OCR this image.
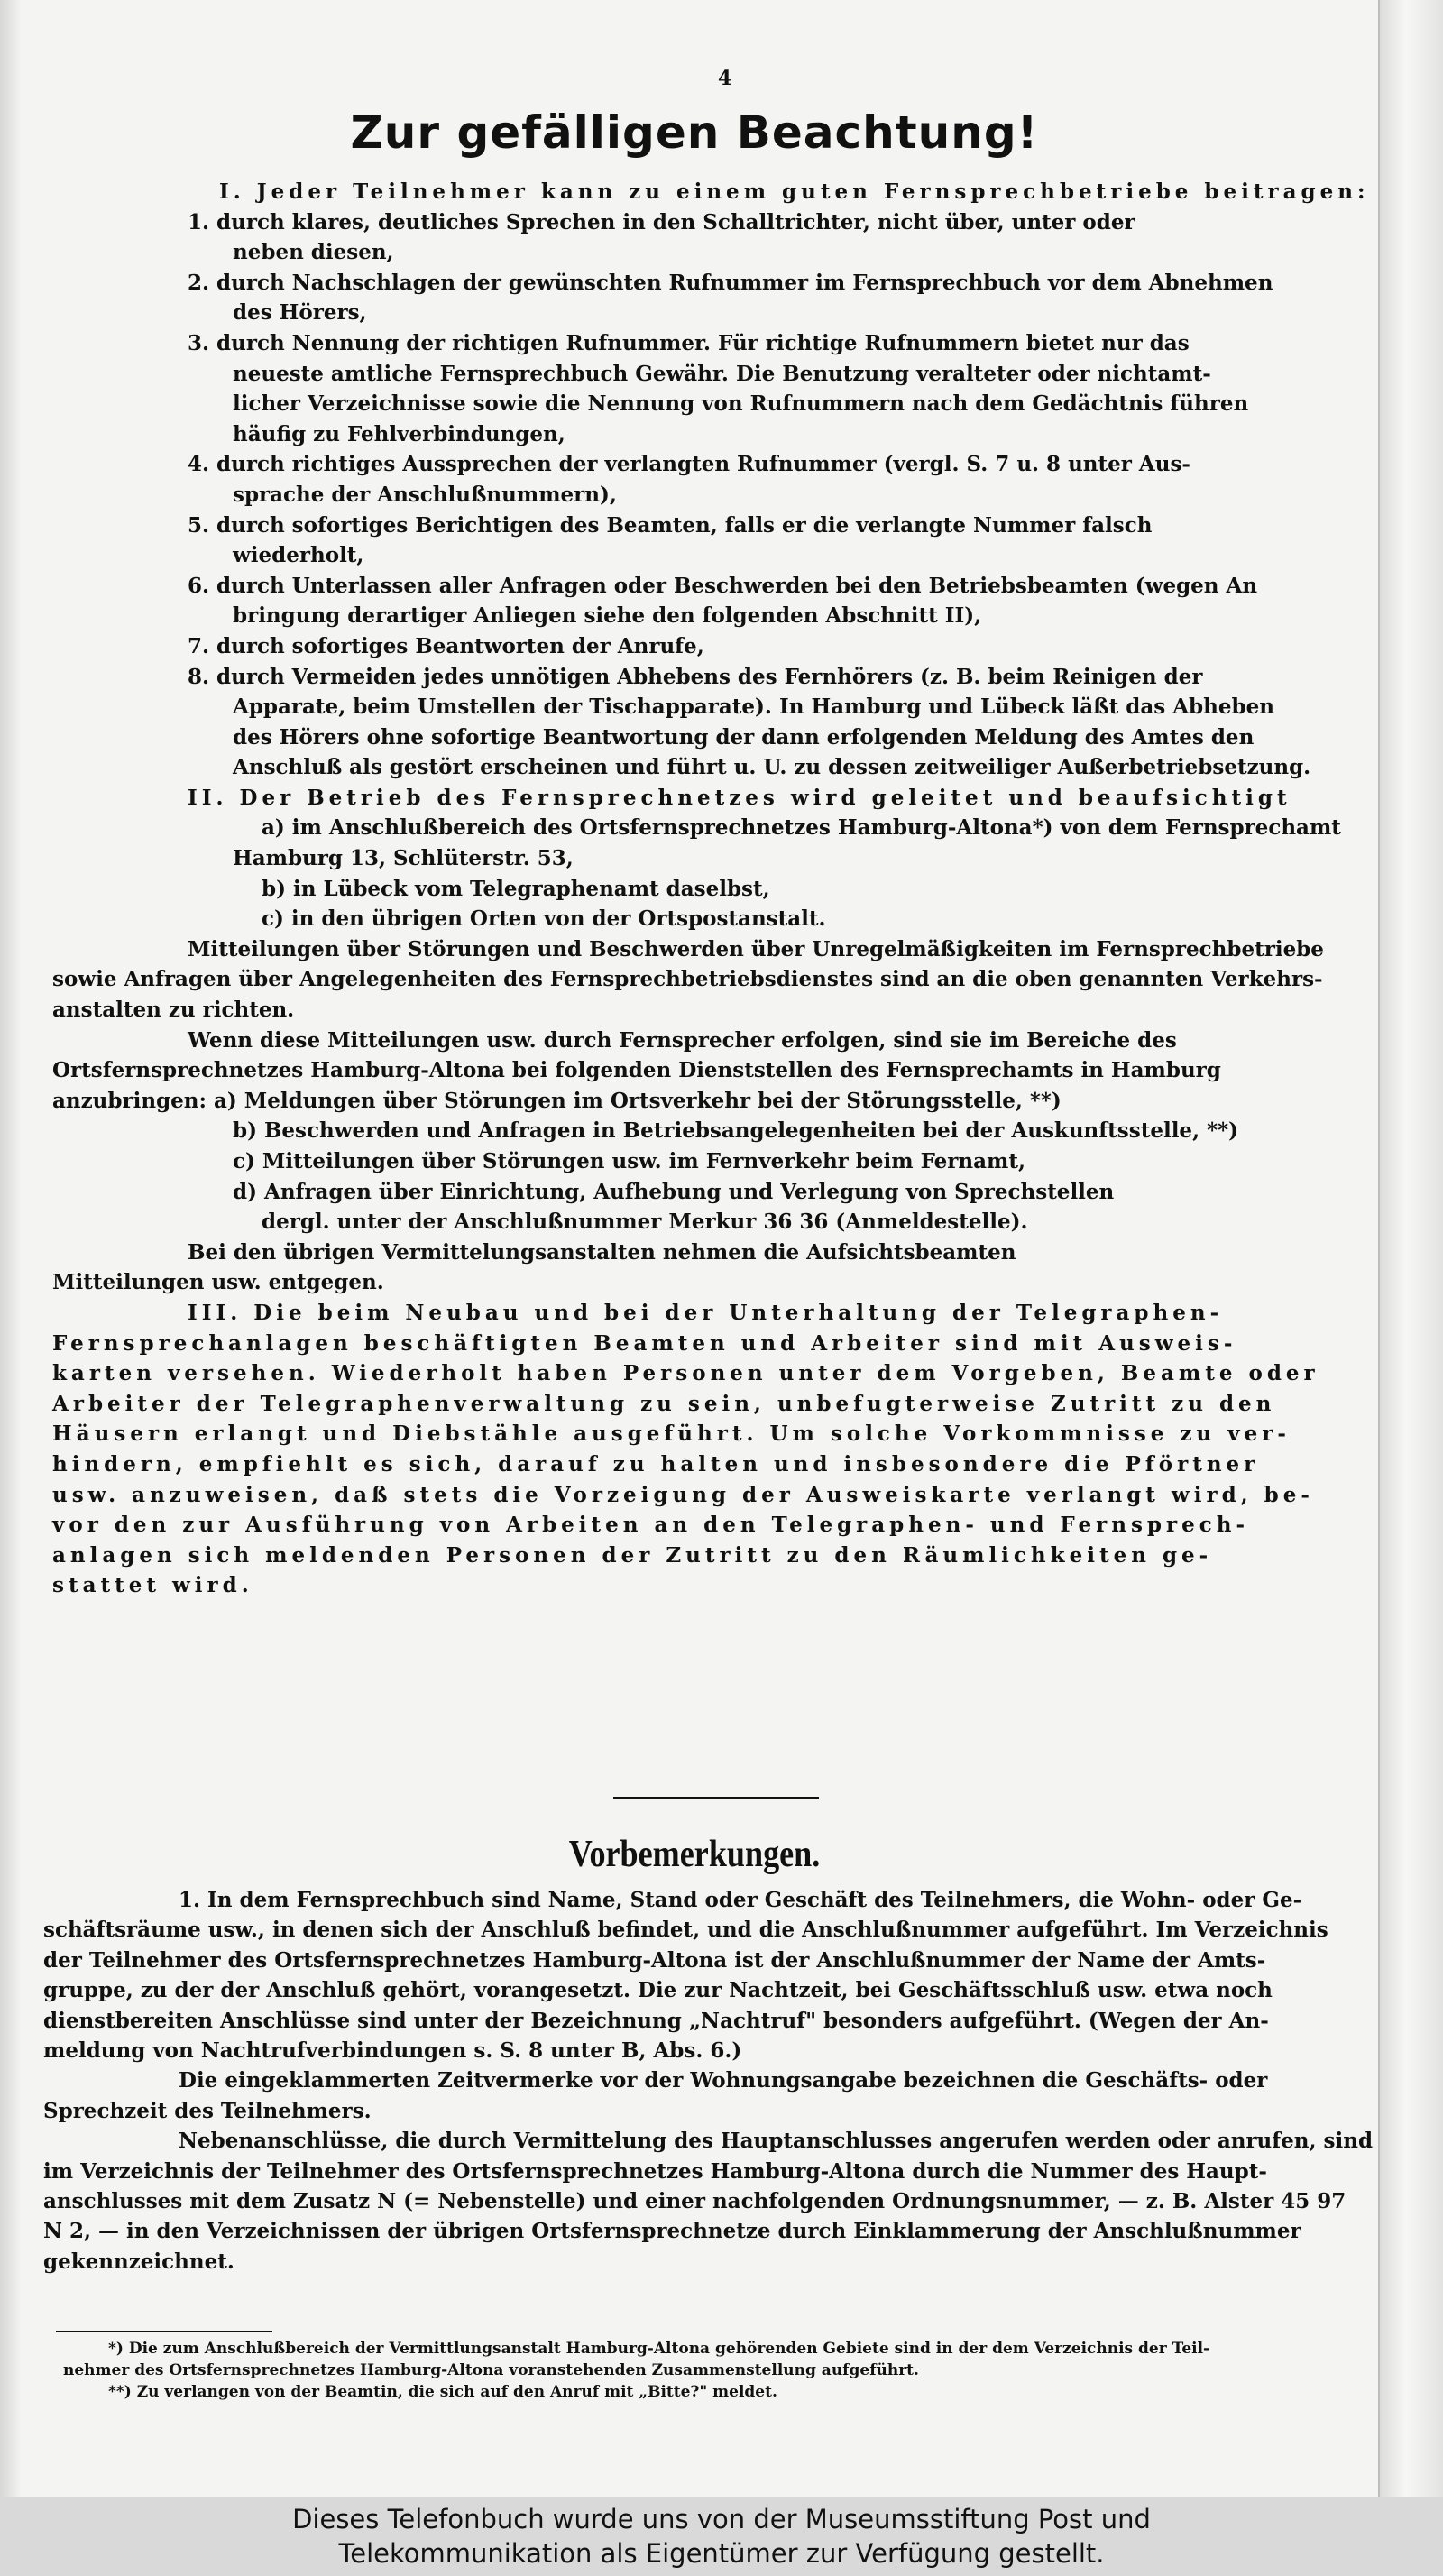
4
Zur gefälligen Beachtung!
I. Jeder Teilnehmer kann zu einem guten Fernsprechbetriebe beitragen:
1. durch klares, deutliches Sprechen in den Schalltrichter, nicht über, unter oder
neben diesen,
2. durch Nachschlagen der gewünschten Rufnummer im Fernsprechbuch vor dem Abnehmen
des Hörers,
3. durch Nennung der richtigen Rufnummer. Für richtige Rufnummern bietet nur das
neueste amtliche Fernsprechbuch Gewähr. Die Benutzung veralteter oder nichtamt-
licher Verzeichnisse sowie die Nennung von Rufnummern nach dem Gedächtnis führen
häufig zu Fehlverbindungen,
4. durch richtiges Aussprechen der verlangten Rufnummer (vergl. S. 7 u. 8 unter Aus-
sprache der Anschlußnummern),
5. durch sofortiges Berichtigen des Beamten, falls er die verlangte Nummer falsch
wiederholt,
6. durch Unterlassen aller Anfragen oder Beschwerden bei den Betriebsbeamten (wegen An
bringung derartiger Anliegen siehe den folgenden Abschnitt II),
7. durch sofortiges Beantworten der Anrufe,
8. durch Vermeiden jedes unnötigen Abhebens des Fernhörers (z. B. beim Reinigen der
Apparate, beim Umstellen der Tischapparate). In Hamburg und Lübeck läßt das Abheben
des Hörers ohne sofortige Beantwortung der dann erfolgenden Meldung des Amtes den
Anschluß als gestört erscheinen und führt u. U. zu dessen zeitweiliger Außerbetriebsetzung.
II. Der Betrieb des Fernsprechnetzes wird geleitet und beaufsichtigt
a) im Anschlußbereich des Ortsfernsprechnetzes Hamburg-Altona*) von dem Fernsprechamt
Hamburg 13, Schlüterstr. 53,
b) in Lübeck vom Telegraphenamt daselbst,
c) in den übrigen Orten von der Ortspostanstalt.
Mitteilungen über Störungen und Beschwerden über Unregelmäßigkeiten im Fernsprechbetriebe
sowie Anfragen über Angelegenheiten des Fernsprechbetriebsdienstes sind an die oben genannten Verkehrs-
anstalten zu richten.
Wenn diese Mitteilungen usw. durch Fernsprecher erfolgen, sind sie im Bereiche des
Ortsfernsprechnetzes Hamburg-Altona bei folgenden Dienststellen des Fernsprechamts in Hamburg
anzubringen: a) Meldungen über Störungen im Ortsverkehr bei der Störungsstelle, **)
b) Beschwerden und Anfragen in Betriebsangelegenheiten bei der Auskunftsstelle, **)
c) Mitteilungen über Störungen usw. im Fernverkehr beim Fernamt,
d) Anfragen über Einrichtung, Aufhebung und Verlegung von Sprechstellen
dergl. unter der Anschlußnummer Merkur 36 36 (Anmeldestelle).
Bei den übrigen Vermittelungsanstalten nehmen die Aufsichtsbeamten
Mitteilungen usw. entgegen.
III. Die beim Neubau und bei der Unterhaltung der Telegraphen-
Fernsprechanlagen beschäftigten Beamten und Arbeiter sind mit Ausweis-
karten versehen. Wiederholt haben Personen unter dem Vorgeben, Beamte oder
Arbeiter der Telegraphenverwaltung zu sein, unbefugterweise Zutritt zu den
Häusern erlangt und Diebstähle ausgeführt. Um solche Vorkommnisse zu ver-
hindern, empfiehlt es sich, darauf zu halten und insbesondere die Pförtner
usw. anzuweisen, daß stets die Vorzeigung der Ausweiskarte verlangt wird, be-
vor den zur Ausführung von Arbeiten an den Telegraphen- und Fernsprech-
anlagen sich meldenden Personen der Zutritt zu den Räumlichkeiten ge-
stattet wird.
Vorbemerkungen.
1. In dem Fernsprechbuch sind Name, Stand oder Geschäft des Teilnehmers, die Wohn- oder Ge-
schäftsräume usw., in denen sich der Anschluß befindet, und die Anschlußnummer aufgeführt. Im Verzeichnis
der Teilnehmer des Ortsfernsprechnetzes Hamburg-Altona ist der Anschlußnummer der Name der Amts-
gruppe, zu der der Anschluß gehört, vorangesetzt. Die zur Nachtzeit, bei Geschäftsschluß usw. etwa noch
dienstbereiten Anschlüsse sind unter der Bezeichnung „Nachtruf" besonders aufgeführt. (Wegen der An-
meldung von Nachtrufverbindungen s. S. 8 unter B, Abs. 6.)
Die eingeklammerten Zeitvermerke vor der Wohnungsangabe bezeichnen die Geschäfts- oder
Sprechzeit des Teilnehmers.
Nebenanschlüsse, die durch Vermittelung des Hauptanschlusses angerufen werden oder anrufen, sind
im Verzeichnis der Teilnehmer des Ortsfernsprechnetzes Hamburg-Altona durch die Nummer des Haupt-
anschlusses mit dem Zusatz N (= Nebenstelle) und einer nachfolgenden Ordnungsnummer, — z. B. Alster 45 97
N 2, — in den Verzeichnissen der übrigen Ortsfernsprechnetze durch Einklammerung der Anschlußnummer
gekennzeichnet.
*) Die zum Anschlußbereich der Vermittlungsanstalt Hamburg-Altona gehörenden Gebiete sind in der dem Verzeichnis der Teil-
nehmer des Ortsfernsprechnetzes Hamburg-Altona voranstehenden Zusammenstellung aufgeführt.
**) Zu verlangen von der Beamtin, die sich auf den Anruf mit „Bitte?" meldet.
Dieses Telefonbuch wurde uns von der Museumsstiftung Post und
Telekommunikation als Eigentümer zur Verfügung gestellt.
